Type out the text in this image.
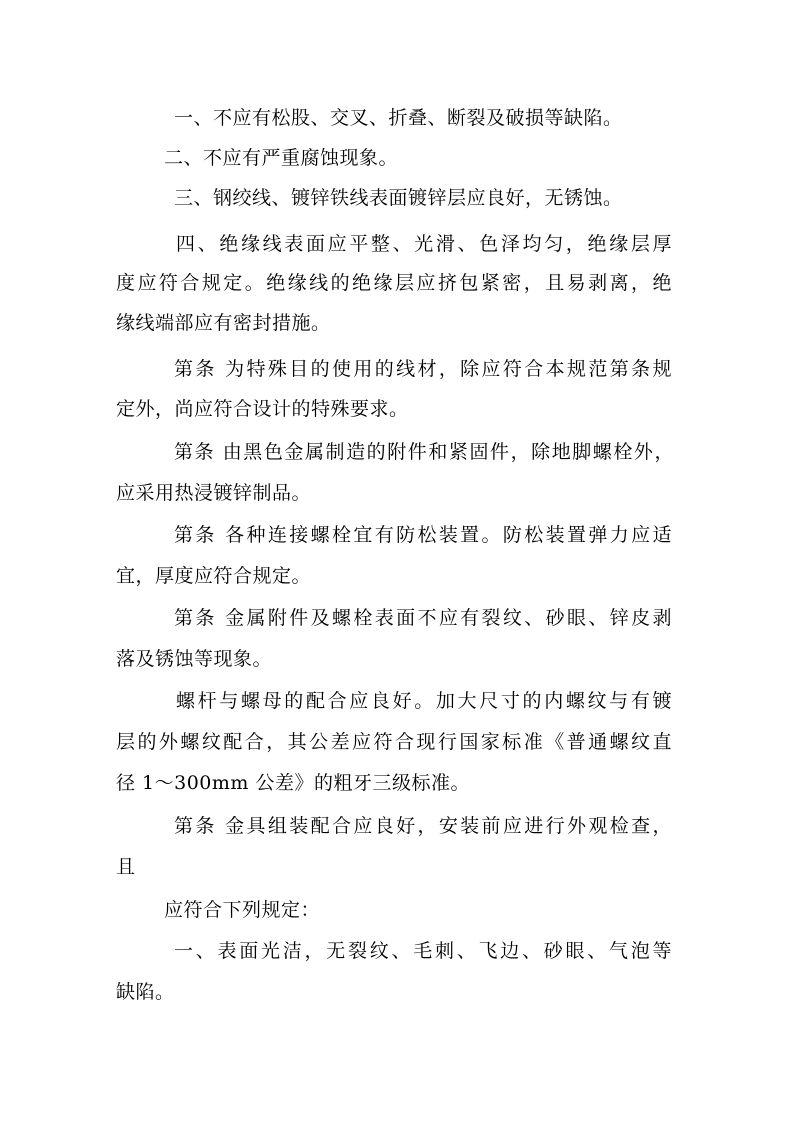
一、不应有松股、交叉、折叠、断裂及破损等缺陷。
二、不应有严重腐蚀现象。
三、钢绞线、镀锌铁线表面镀锌层应良好，无锈蚀。
四、绝缘线表面应平整、光滑、色泽均匀，绝缘层厚
度应符合规定。绝缘线的绝缘层应挤包紧密，且易剥离，绝
缘线端部应有密封措施。
第条 为特殊目的使用的线材，除应符合本规范第条规
定外，尚应符合设计的特殊要求。
第条 由黑色金属制造的附件和紧固件，除地脚螺栓外，
应采用热浸镀锌制品。
第条 各种连接螺栓宜有防松装置。防松装置弹力应适
宜，厚度应符合规定。
第条 金属附件及螺栓表面不应有裂纹、砂眼、锌皮剥
落及锈蚀等现象。
螺杆与螺母的配合应良好。加大尺寸的内螺纹与有镀
层的外螺纹配合，其公差应符合现行国家标准《普通螺纹直
径 1～300mm 公差》的粗牙三级标准。
第条 金具组装配合应良好，安装前应进行外观检查，
且
应符合下列规定：
一、表面光洁，无裂纹、毛刺、飞边、砂眼、气泡等
缺陷。
